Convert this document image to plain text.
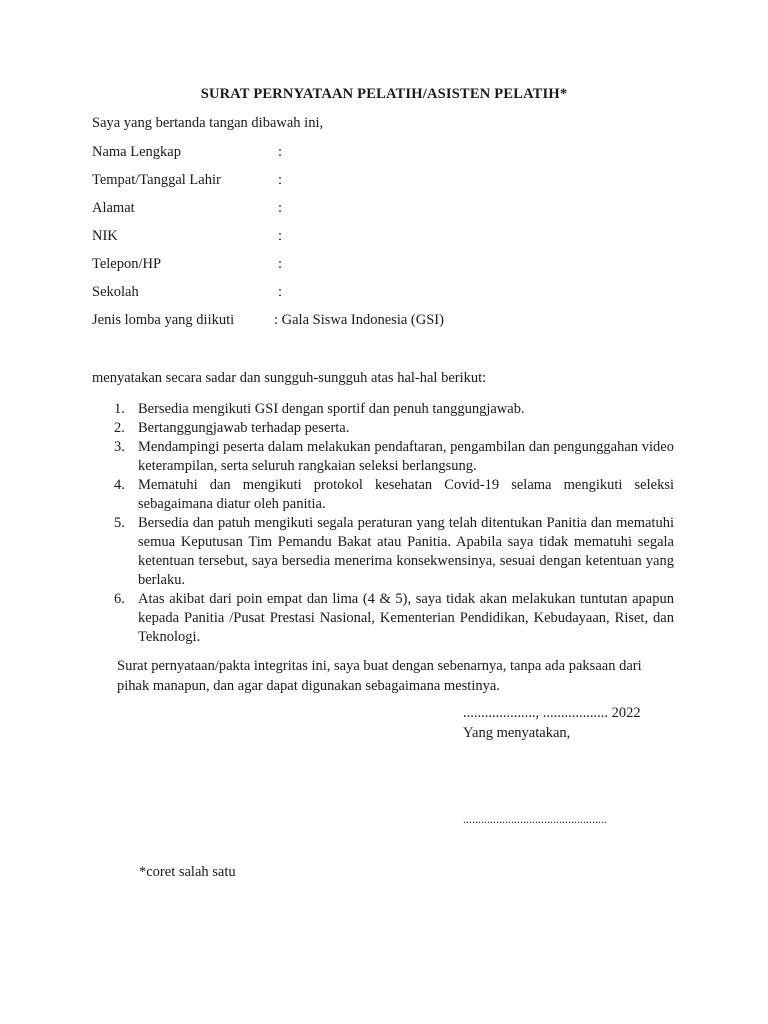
SURAT PERNYATAAN PELATIH/ASISTEN PELATIH*
Saya yang bertanda tangan dibawah ini,
Nama Lengkap	:
Tempat/Tanggal Lahir	:
Alamat	:
NIK	:
Telepon/HP	:
Sekolah	:
Jenis lomba yang diikuti	: Gala Siswa Indonesia (GSI)
menyatakan secara sadar dan sungguh-sungguh atas hal-hal berikut:
1. Bersedia mengikuti GSI dengan sportif dan penuh tanggungjawab.
2. Bertanggungjawab terhadap peserta.
3. Mendampingi peserta dalam melakukan pendaftaran, pengambilan dan pengunggahan video keterampilan, serta seluruh rangkaian seleksi berlangsung.
4. Mematuhi dan mengikuti protokol kesehatan Covid-19 selama mengikuti seleksi sebagaimana diatur oleh panitia.
5. Bersedia dan patuh mengikuti segala peraturan yang telah ditentukan Panitia dan mematuhi semua Keputusan Tim Pemandu Bakat atau Panitia. Apabila saya tidak mematuhi segala ketentuan tersebut, saya bersedia menerima konsekwensinya, sesuai dengan ketentuan yang berlaku.
6. Atas akibat dari poin empat dan lima (4 & 5), saya tidak akan melakukan tuntutan apapun kepada Panitia /Pusat Prestasi Nasional, Kementerian Pendidikan, Kebudayaan, Riset, dan Teknologi.
Surat pernyataan/pakta integritas ini, saya buat dengan sebenarnya, tanpa ada paksaan dari pihak manapun, dan agar dapat digunakan sebagaimana mestinya.
...................., .................. 2022
Yang menyatakan,
................................................
*coret salah satu
